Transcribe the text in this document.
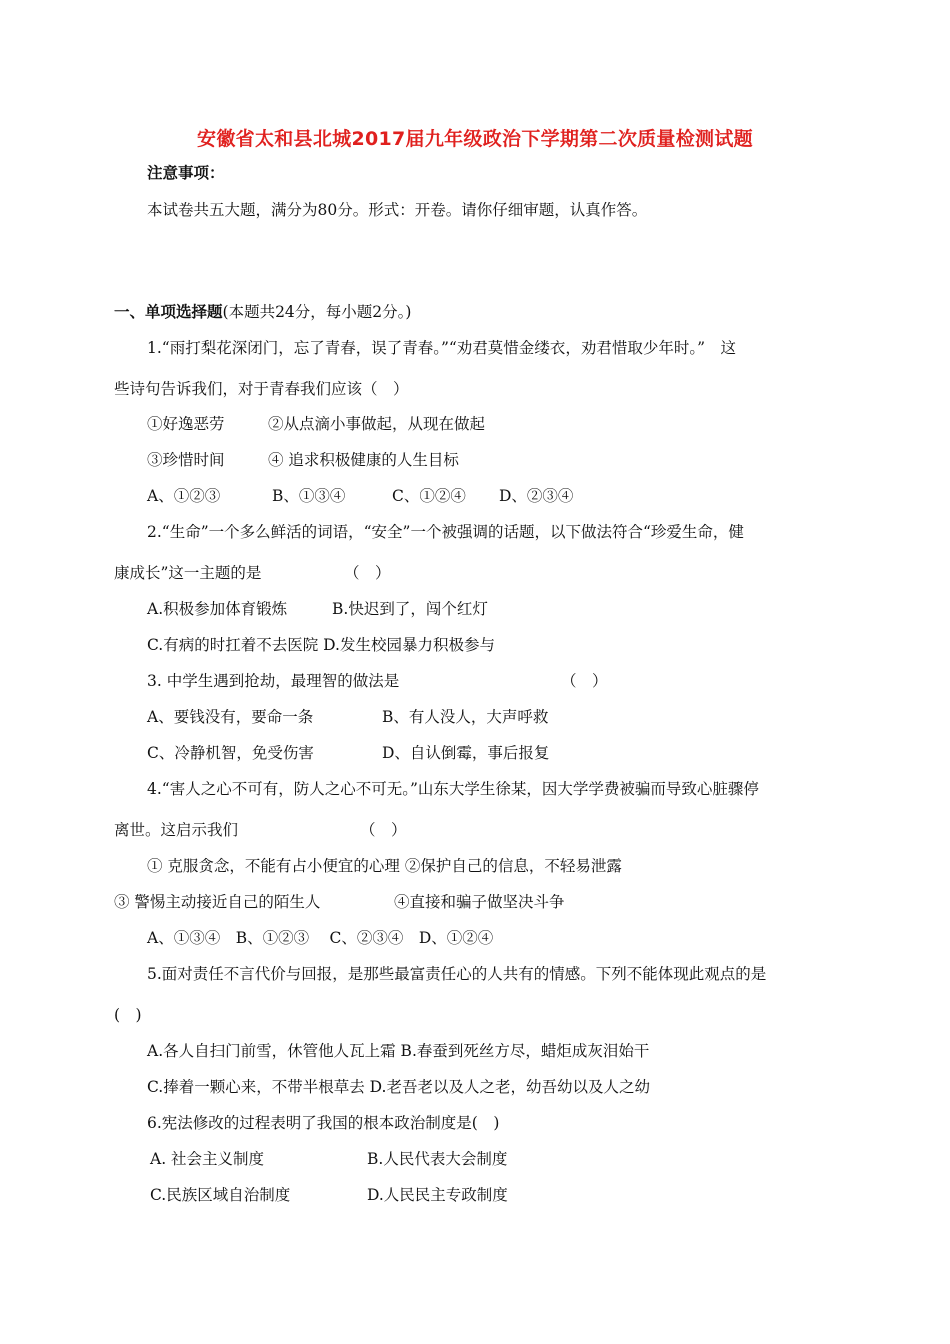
安徽省太和县北城2017届九年级政治下学期第二次质量检测试题
注意事项：
本试卷共五大题，满分为80分。形式：开卷。请你仔细审题，认真作答。
一、单项选择题(本题共24分，每小题2分。)
1.“雨打梨花深闭门，忘了青春，误了青春。”“劝君莫惜金缕衣，劝君惜取少年时。”　这
些诗句告诉我们，对于青春我们应该（　）
①好逸恶劳	②从点滴小事做起，从现在做起
③珍惜时间	④ 追求积极健康的人生目标
A、①②③	B、①③④	C、①②④ D、②③④
2.“生命”一个多么鲜活的词语，“安全”一个被强调的话题，以下做法符合“珍爱生命，健
康成长”这一主题的是	（　）
A.积极参加体育锻炼	B.快迟到了，闯个红灯
C.有病的时扛着不去医院 D.发生校园暴力积极参与
3. 中学生遇到抢劫，最理智的做法是	（　）
A、要钱没有，要命一条	B、有人没人，大声呼救
C、冷静机智，免受伤害	D、自认倒霉，事后报复
4.“害人之心不可有，防人之心不可无。”山东大学生徐某，因大学学费被骗而导致心脏骤停
离世。这启示我们	（　）
① 克服贪念，不能有占小便宜的心理 ②保护自己的信息，不轻易泄露
③ 警惕主动接近自己的陌生人	④直接和骗子做坚决斗争
A、①③④　B、①②③　 C、②③④　D、①②④
5.面对责任不言代价与回报，是那些最富责任心的人共有的情感。下列不能体现此观点的是
(　)
A.各人自扫门前雪，休管他人瓦上霜 B.春蚕到死丝方尽，蜡炬成灰泪始干
C.捧着一颗心来，不带半根草去 D.老吾老以及人之老，幼吾幼以及人之幼
6.宪法修改的过程表明了我国的根本政治制度是(　)
A. 社会主义制度	B.人民代表大会制度
C.民族区域自治制度	D.人民民主专政制度
